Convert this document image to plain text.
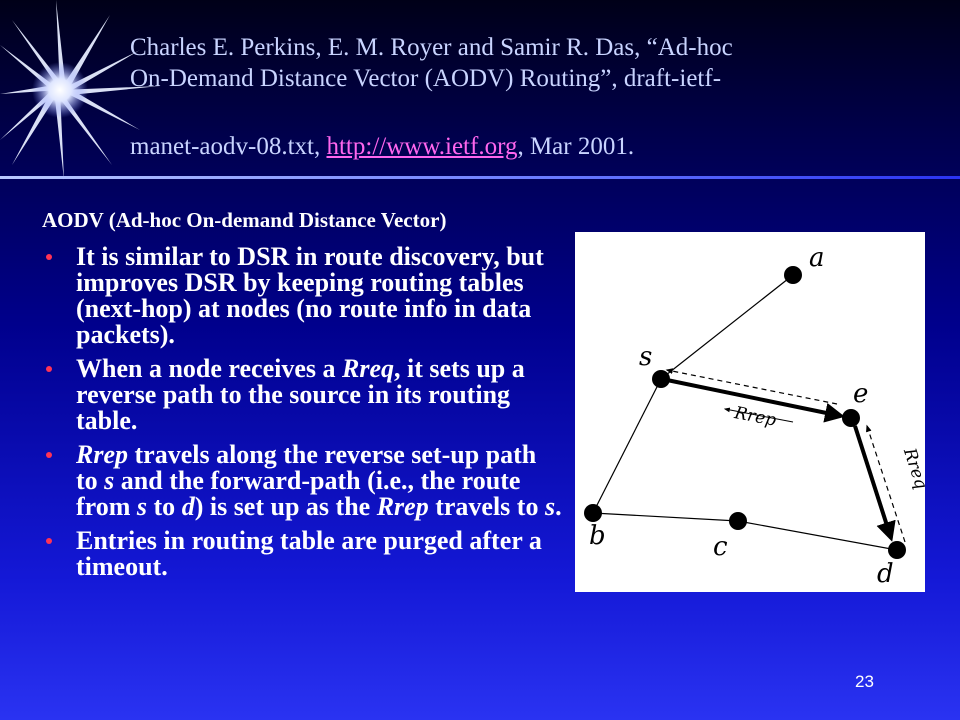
Charles E. Perkins, E. M. Royer and Samir R. Das, “Ad-hoc

On-Demand Distance Vector (AODV) Routing”, draft-ietf-

manet-aodv-08.txt, http://www.ietf.org, Mar 2001.

AODV (Ad-hoc On-demand Distance Vector)
It is similar to DSR in route discovery, but improves DSR by keeping routing tables (next-hop) at nodes (no route info in data packets).
When a node receives a Rreq, it sets up a reverse path to the source in its routing table.
Rrep travels along the reverse set-up path to s and the forward-path (i.e., the route from s to d) is set up as the Rrep travels to s.
Entries in routing table are purged after a timeout.
a
s
e
b	c
d
Rrep
Rreq
23
